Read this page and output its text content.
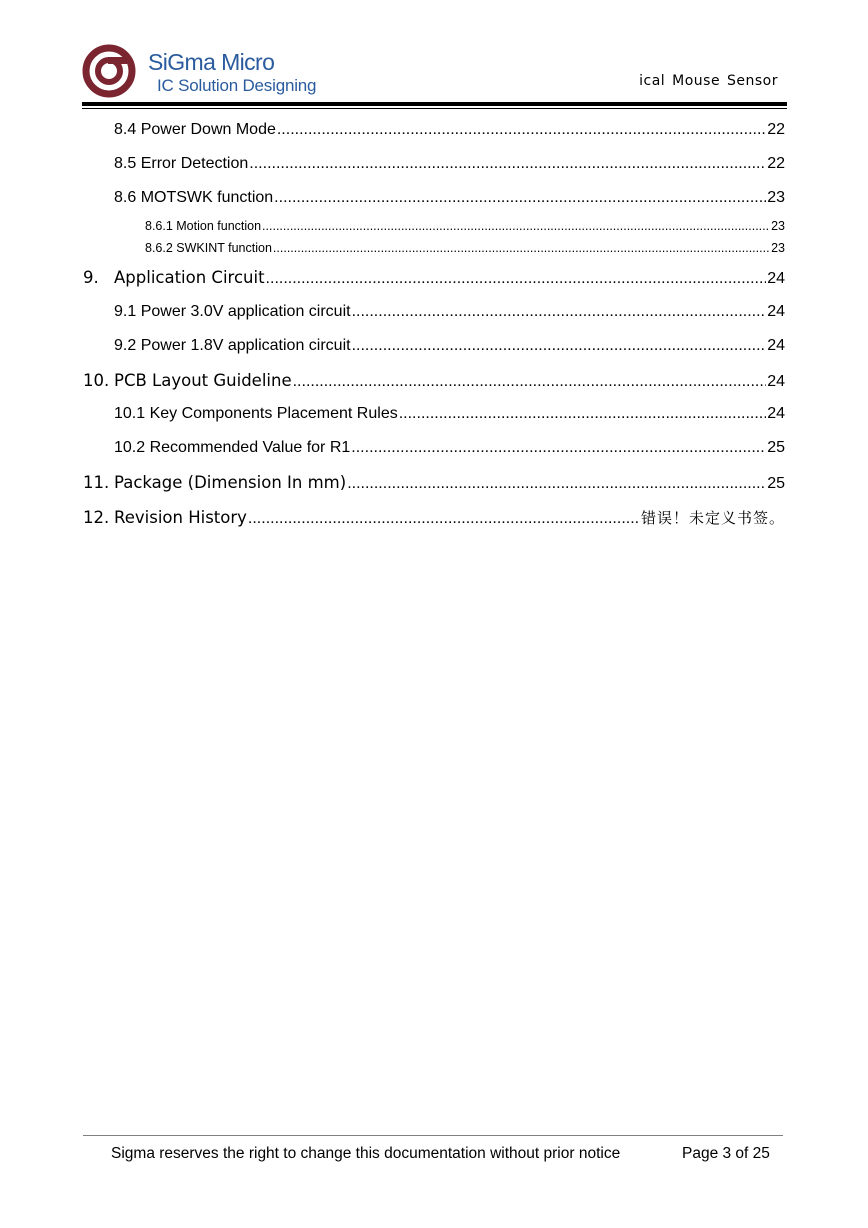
SiGma Micro
IC Solution Designing	ical Mouse Sensor
8.4 Power Down Mode .....	22
8.5 Error Detection .....	22
8.6 MOTSWK function .....	23
8.6.1 Motion function .....	23
8.6.2 SWKINT function .....	23
9. Application Circuit .....	24
9.1 Power 3.0V application circuit .....	24
9.2 Power 1.8V application circuit .....	24
10. PCB Layout Guideline .....	24
10.1 Key Components Placement Rules .....	24
10.2 Recommended Value for R1 .....	25
11. Package (Dimension In mm) .....	25
12. Revision History .....	错误！未定义书签。
Sigma reserves the right to change this documentation without prior notice	Page 3 of 25
